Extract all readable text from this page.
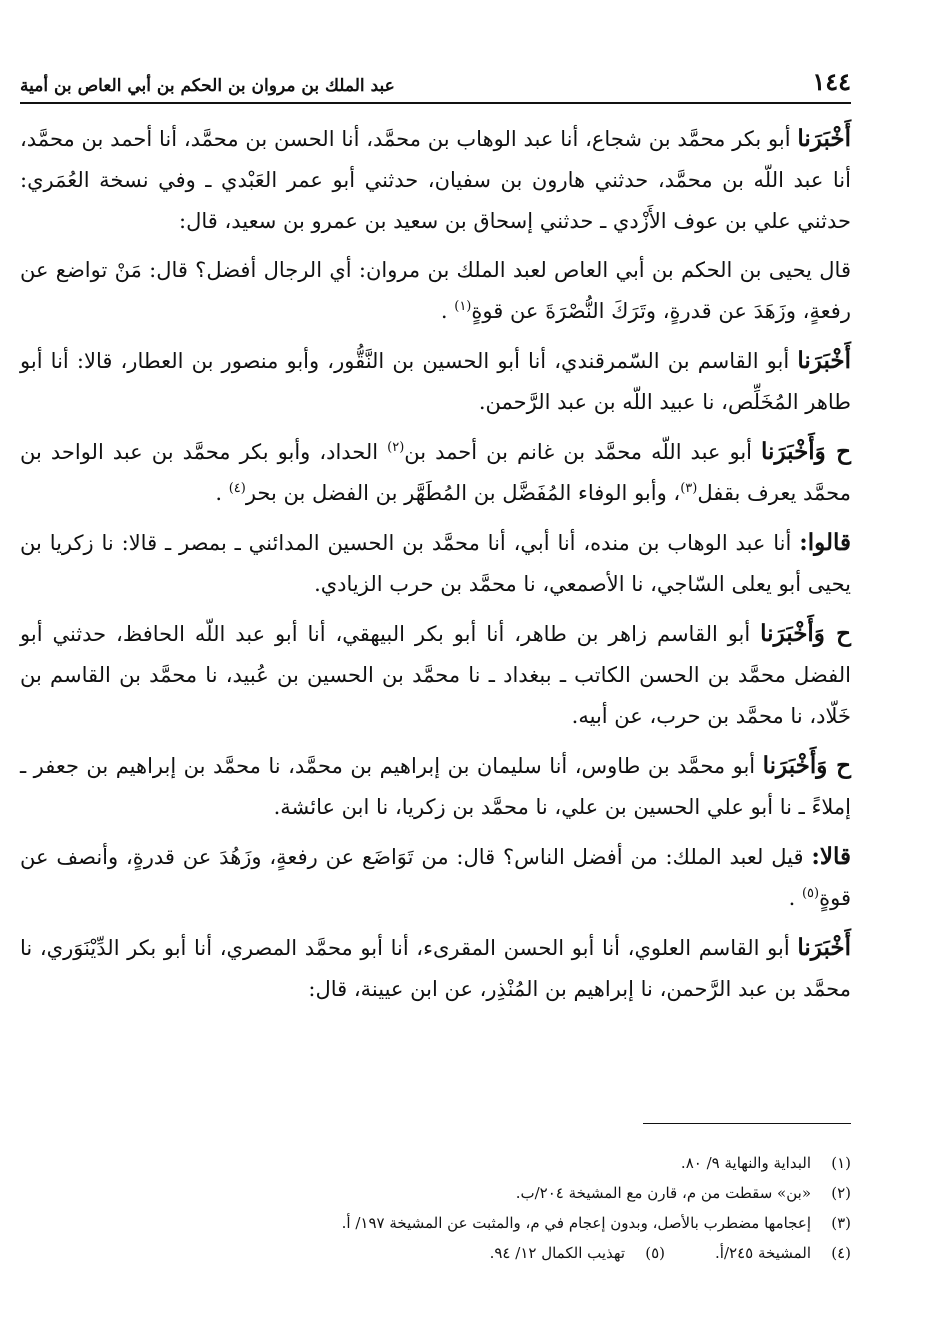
١٤٤
عبد الملك بن مروان بن الحكم بن أبي العاص بن أمية

أَخْبَرَنا أبو بكر محمَّد بن شجاع، أنا عبد الوهاب بن محمَّد، أنا الحسن بن محمَّد، أنا أحمد بن محمَّد، أنا عبد اللّه بن محمَّد، حدثني هارون بن سفيان، حدثني أبو عمر العَبْدي ـ وفي نسخة العُمَري: حدثني علي بن عوف الأَزْدي ـ حدثني إسحاق بن سعيد بن عمرو بن سعيد، قال:

قال يحيى بن الحكم بن أبي العاص لعبد الملك بن مروان: أي الرجال أفضل؟ قال: مَنْ تواضع عن رفعةٍ، وزَهَدَ عن قدرةٍ، وتَرَكَ النُّصْرَةَ عن قوةٍ$^{(١)}$ .

أَخْبَرَنا أبو القاسم بن السّمرقندي، أنا أبو الحسين بن النَّقُّور، وأبو منصور بن العطار، قالا: أنا أبو طاهر المُخَلِّص، نا عبيد اللّه بن عبد الرَّحمن.

ح وَأَخْبَرَنا أبو عبد اللّه محمَّد بن غانم بن أحمد بن$^{(٢)}$ الحداد، وأبو بكر محمَّد بن عبد الواحد بن محمَّد يعرف بقفل$^{(٣)}$، وأبو الوفاء المُفَضَّل بن المُطَهَّر بن الفضل بن بحر$^{(٤)}$ .

قالوا: أنا عبد الوهاب بن منده، أنا أبي، أنا محمَّد بن الحسين المدائني ـ بمصر ـ قالا: نا زكريا بن يحيى أبو يعلى السّاجي، نا الأصمعي، نا محمَّد بن حرب الزيادي.

ح وَأَخْبَرَنا أبو القاسم زاهر بن طاهر، أنا أبو بكر البيهقي، أنا أبو عبد اللّه الحافظ، حدثني أبو الفضل محمَّد بن الحسن الكاتب ـ ببغداد ـ نا محمَّد بن الحسين بن عُبيد، نا محمَّد بن القاسم بن خَلّاد، نا محمَّد بن حرب، عن أبيه.

ح وَأَخْبَرَنا أبو محمَّد بن طاوس، أنا سليمان بن إبراهيم بن محمَّد، نا محمَّد بن إبراهيم بن جعفر ـ إملاءً ـ نا أبو علي الحسين بن علي، نا محمَّد بن زكريا، نا ابن عائشة.

قالا: قيل لعبد الملك: من أفضل الناس؟ قال: من تَوَاضَع عن رفعةٍ، وزَهُدَ عن قدرةٍ، وأنصف عن قوةٍ$^{(٥)}$ .

أَخْبَرَنا أبو القاسم العلوي، أنا أبو الحسن المقرىء، أنا أبو محمَّد المصري، أنا أبو بكر الدِّيْنَوَري، نا محمَّد بن عبد الرَّحمن، نا إبراهيم بن المُنْذِر، عن ابن عيينة، قال:

(١)
البداية والنهاية ٩/ ٨٠.
(٢)
«بن» سقطت من م، قارن مع المشيخة ٢٠٤/ب.
(٣)
إعجامها مضطرب بالأصل، وبدون إعجام في م، والمثبت عن المشيخة ١٩٧/ أ.
(٤)
المشيخة ٢٤٥/أ.
(٥)
تهذيب الكمال ١٢/ ٩٤.
